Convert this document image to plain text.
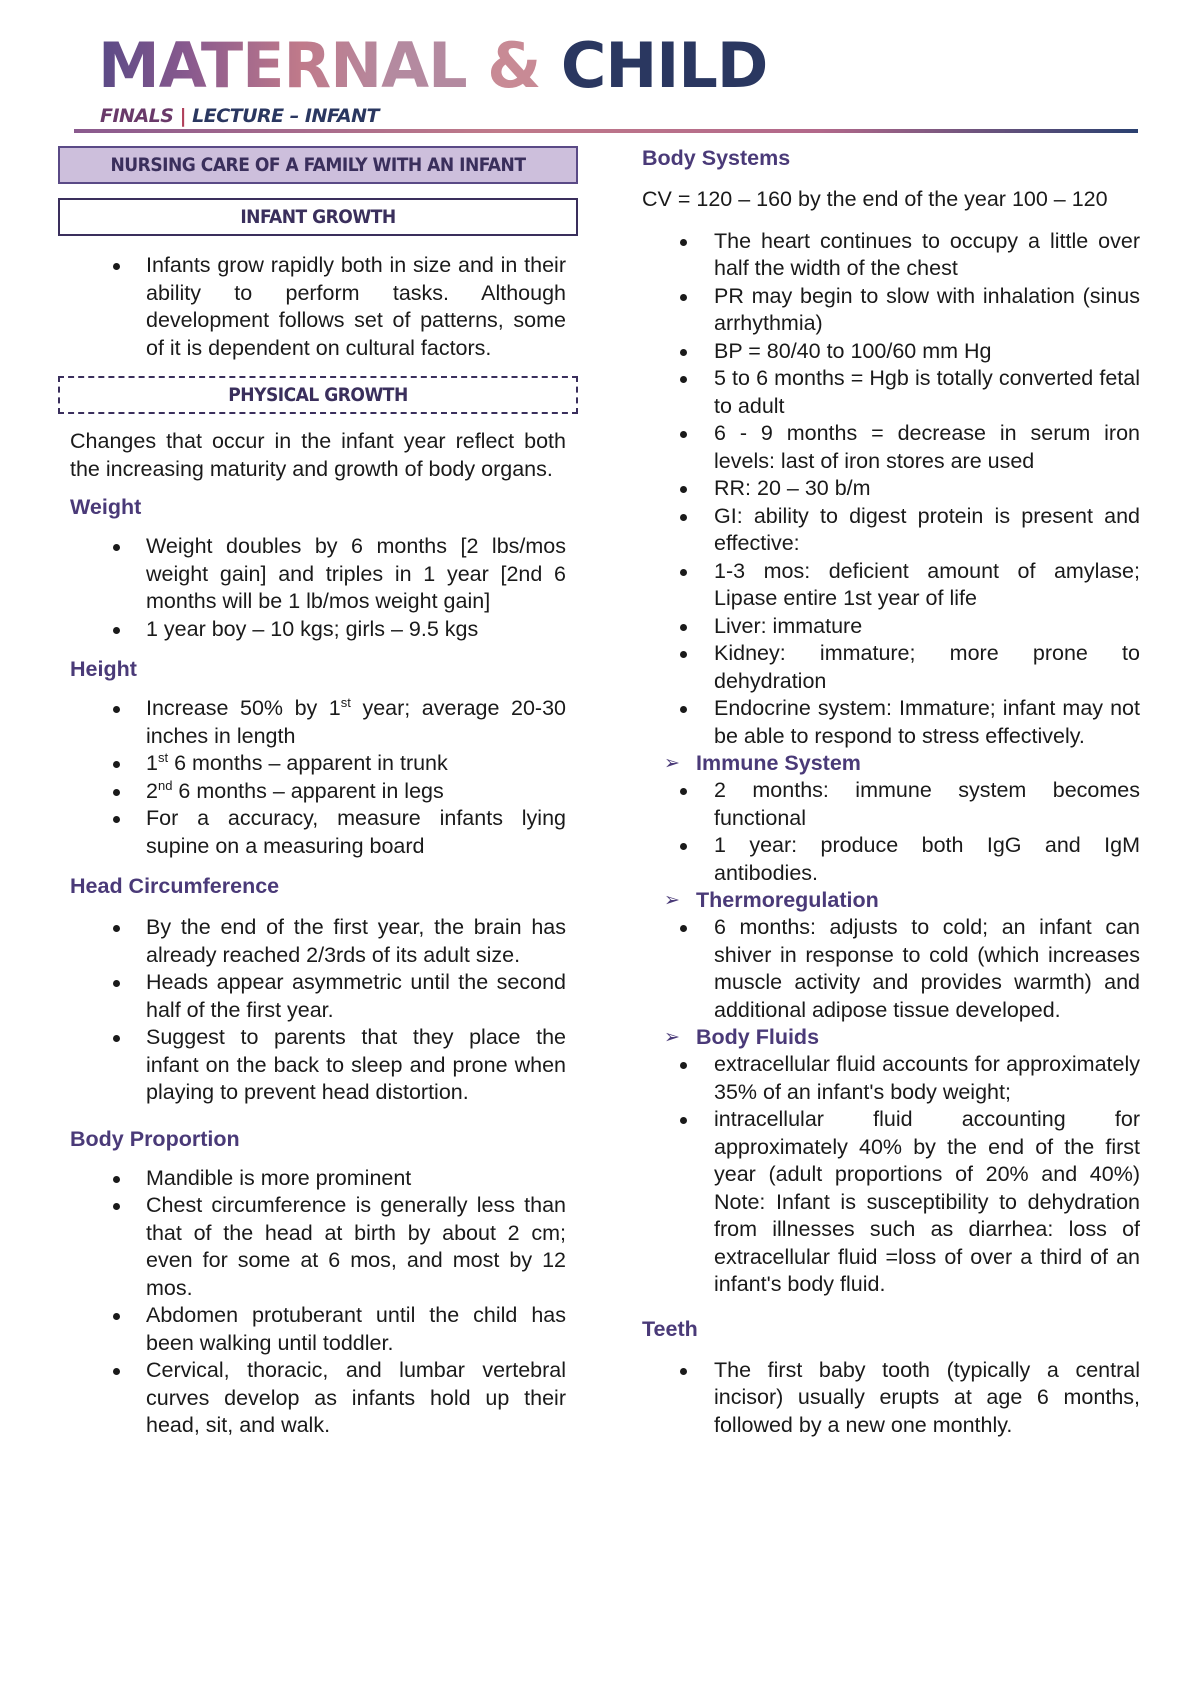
MATERNAL & CHILD
FINALS | LECTURE – INFANT
NURSING CARE OF A FAMILY WITH AN INFANT
INFANT GROWTH
Infants grow rapidly both in size and in their ability to perform tasks. Although development follows set of patterns, some of it is dependent on cultural factors.
PHYSICAL GROWTH

Changes that occur in the infant year reflect both the increasing maturity and growth of body organs.

Weight
Weight doubles by 6 months [2 lbs/mos weight gain] and triples in 1 year [2nd 6 months will be 1 lb/mos weight gain]
1 year boy – 10 kgs; girls – 9.5 kgs
Height
Increase 50% by 1st year; average 20-30 inches in length
1st 6 months – apparent in trunk
2nd 6 months – apparent in legs
For a accuracy, measure infants lying supine on a measuring board
Head Circumference
By the end of the first year, the brain has already reached 2/3rds of its adult size.
Heads appear asymmetric until the second half of the first year.
Suggest to parents that they place the infant on the back to sleep and prone when playing to prevent head distortion.
Body Proportion
Mandible is more prominent
Chest circumference is generally less than that of the head at birth by about 2 cm; even for some at 6 mos, and most by 12 mos.
Abdomen protuberant until the child has been walking until toddler.
Cervical, thoracic, and lumbar vertebral curves develop as infants hold up their head, sit, and walk.
Body Systems

CV = 120 – 160 by the end of the year 100 – 120

The heart continues to occupy a little over half the width of the chest
PR may begin to slow with inhalation (sinus arrhythmia)
BP = 80/40 to 100/60 mm Hg
5 to 6 months = Hgb is totally converted fetal to adult
6 - 9 months = decrease in serum iron levels: last of iron stores are used
RR: 20 – 30 b/m
GI: ability to digest protein is present and effective:
1-3 mos: deficient amount of amylase; Lipase entire 1st year of life
Liver: immature
Kidney: immature; more prone to dehydration
Endocrine system: Immature; infant may not be able to respond to stress effectively.
➢ Immune System
2 months: immune system becomes functional
1 year: produce both IgG and IgM antibodies.
➢ Thermoregulation
6 months: adjusts to cold; an infant can shiver in response to cold (which increases muscle activity and provides warmth) and additional adipose tissue developed.
➢ Body Fluids
extracellular fluid accounts for approximately 35% of an infant's body weight;
intracellular fluid accounting for approximately 40% by the end of the first year (adult proportions of 20% and 40%) Note: Infant is susceptibility to dehydration from illnesses such as diarrhea: loss of extracellular fluid =loss of over a third of an infant's body fluid.
Teeth
The first baby tooth (typically a central incisor) usually erupts at age 6 months, followed by a new one monthly.
